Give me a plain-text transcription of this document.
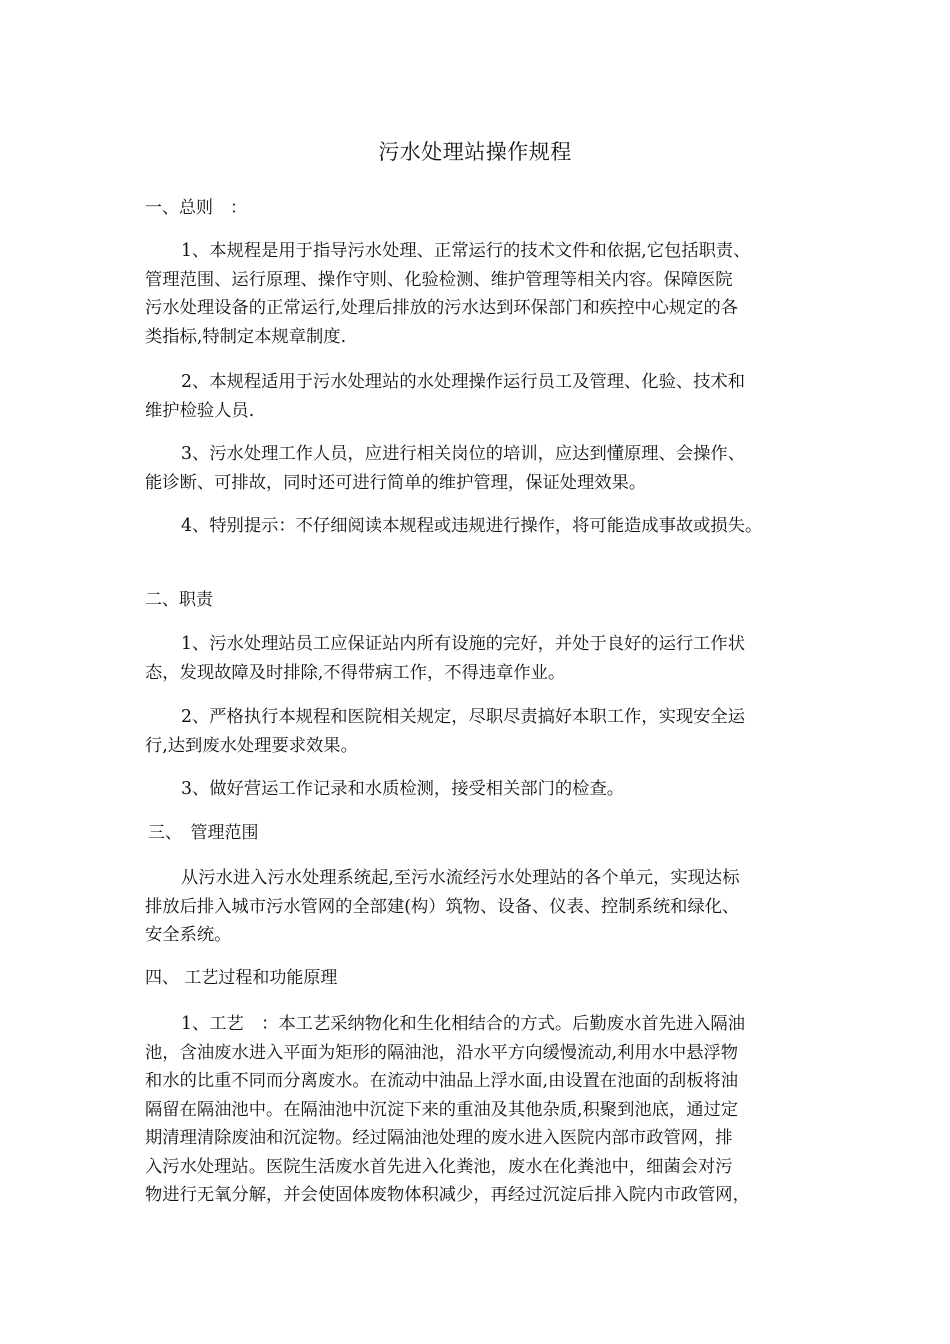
污水处理站操作规程
一、总则　：
1、本规程是用于指导污水处理、正常运行的技术文件和依据,它包括职责、
管理范围、运行原理、操作守则、化验检测、维护管理等相关内容。保障医院
污水处理设备的正常运行,处理后排放的污水达到环保部门和疾控中心规定的各
类指标,特制定本规章制度.
2、本规程适用于污水处理站的水处理操作运行员工及管理、化验、技术和
维护检验人员.
3、污水处理工作人员，应进行相关岗位的培训，应达到懂原理、会操作、
能诊断、可排故，同时还可进行简单的维护管理，保证处理效果。
4、特别提示：不仔细阅读本规程或违规进行操作，将可能造成事故或损失。
二、职责
1、污水处理站员工应保证站内所有设施的完好，并处于良好的运行工作状
态，发现故障及时排除,不得带病工作，不得违章作业。
2、严格执行本规程和医院相关规定，尽职尽责搞好本职工作，实现安全运
行,达到废水处理要求效果。
3、做好营运工作记录和水质检测，接受相关部门的检查。
三、　管理范围
从污水进入污水处理系统起,至污水流经污水处理站的各个单元，实现达标
排放后排入城市污水管网的全部建(构）筑物、设备、仪表、控制系统和绿化、
安全系统。
四、 工艺过程和功能原理
1、工艺　：本工艺采纳物化和生化相结合的方式。后勤废水首先进入隔油
池，含油废水进入平面为矩形的隔油池，沿水平方向缓慢流动,利用水中悬浮物
和水的比重不同而分离废水。在流动中油品上浮水面,由设置在池面的刮板将油
隔留在隔油池中。在隔油池中沉淀下来的重油及其他杂质,积聚到池底，通过定
期清理清除废油和沉淀物。经过隔油池处理的废水进入医院内部市政管网，排
入污水处理站。医院生活废水首先进入化粪池，废水在化粪池中，细菌会对污
物进行无氧分解，并会使固体废物体积减少，再经过沉淀后排入院内市政管网，
